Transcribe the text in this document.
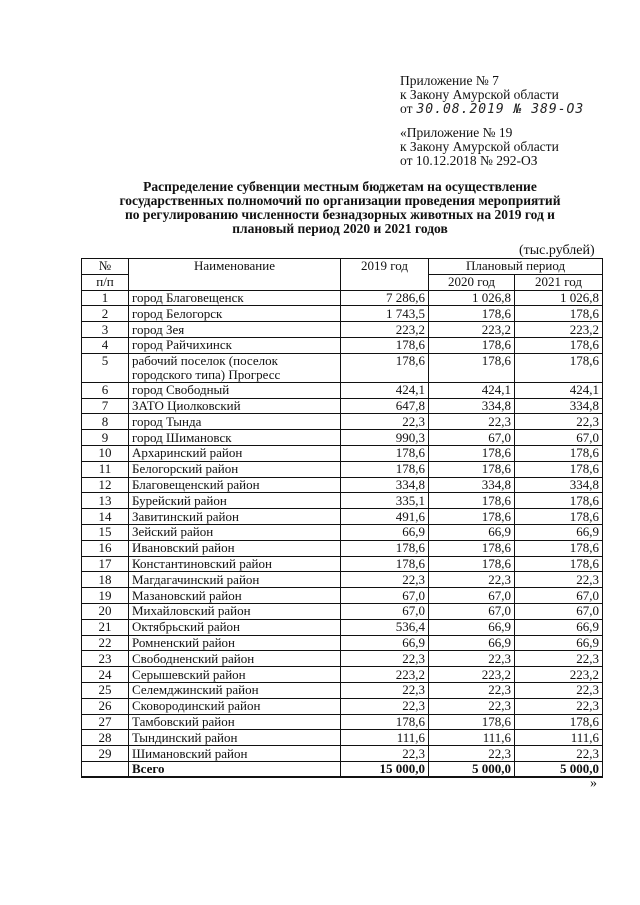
Приложение № 7
к Закону Амурской области
от 30.08.2019 № 389-ОЗ
«Приложение № 19
к Закону Амурской области
от 10.12.2018 № 292-ОЗ
Распределение субвенции местным бюджетам на осуществление
государственных полномочий по организации проведения мероприятий
по регулированию численности безнадзорных животных на 2019 год и
плановый период 2020 и 2021 годов
(тыс.рублей)
№	Наименование	2019 год	Плановый период	
п/п			2020 год	2021 год
1	город Благовещенск	7 286,6	1 026,8	1 026,8
2	город Белогорск	1 743,5	178,6	178,6
3	город Зея	223,2	223,2	223,2
4	город Райчихинск	178,6	178,6	178,6
5	рабочий поселок (поселок городского типа) Прогресс	178,6	178,6	178,6
6	город Свободный	424,1	424,1	424,1
7	ЗАТО Циолковский	647,8	334,8	334,8
8	город Тында	22,3	22,3	22,3
9	город Шимановск	990,3	67,0	67,0
10	Архаринский район	178,6	178,6	178,6
11	Белогорский район	178,6	178,6	178,6
12	Благовещенский район	334,8	334,8	334,8
13	Бурейский район	335,1	178,6	178,6
14	Завитинский район	491,6	178,6	178,6
15	Зейский район	66,9	66,9	66,9
16	Ивановский район	178,6	178,6	178,6
17	Константиновский район	178,6	178,6	178,6
18	Магдагачинский район	22,3	22,3	22,3
19	Мазановский район	67,0	67,0	67,0
20	Михайловский район	67,0	67,0	67,0
21	Октябрьский район	536,4	66,9	66,9
22	Ромненский район	66,9	66,9	66,9
23	Свободненский район	22,3	22,3	22,3
24	Серышевский район	223,2	223,2	223,2
25	Селемджинский район	22,3	22,3	22,3
26	Сковородинский район	22,3	22,3	22,3
27	Тамбовский район	178,6	178,6	178,6
28	Тындинский район	111,6	111,6	111,6
29	Шимановский район	22,3	22,3	22,3
	Всего	15 000,0	5 000,0	5 000,0
»
